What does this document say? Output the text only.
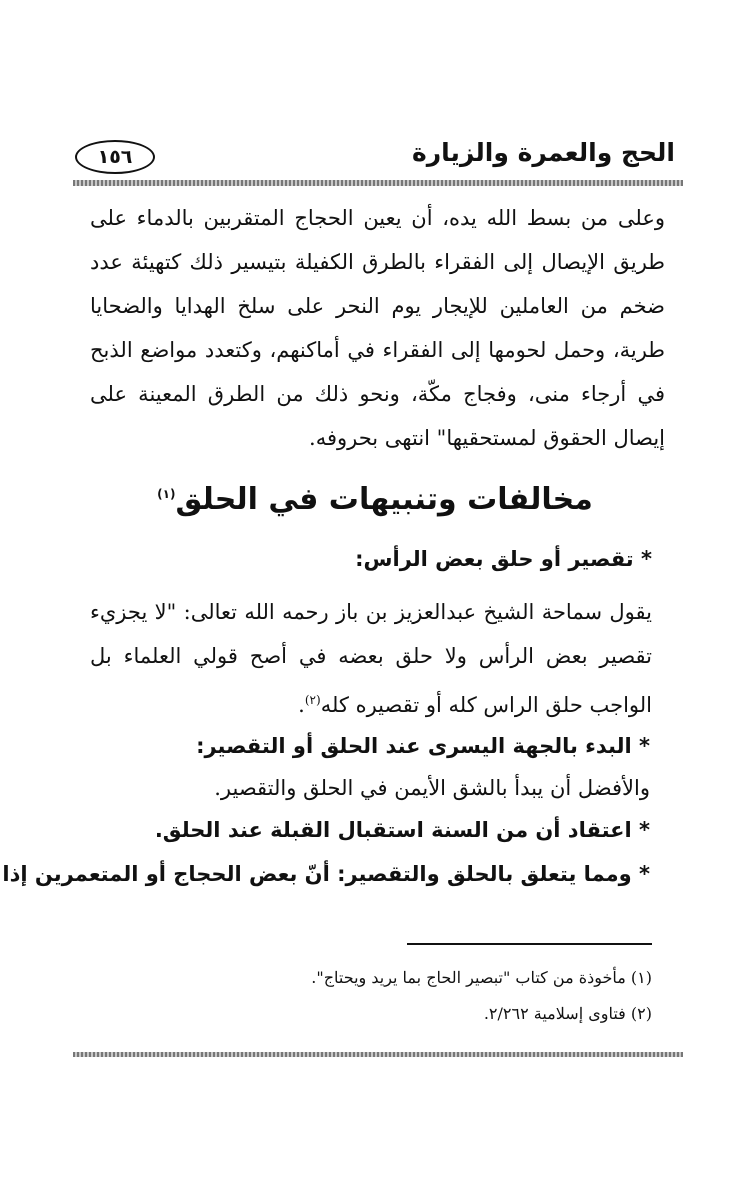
الحج والعمرة والزيارة
١٥٦
وعلى من بسط الله يده، أن يعين الحجاج المتقربين بالدماء على طريق الإيصال إلى الفقراء بالطرق الكفيلة بتيسير ذلك كتهيئة عدد ضخم من العاملين للإيجار يوم النحر على سلخ الهدايا والضحايا طرية، وحمل لحومها إلى الفقراء في أماكنهم، وكتعدد مواضع الذبح في أرجاء منى، وفجاج مكّة، ونحو ذلك من الطرق المعينة على إيصال الحقوق لمستحقيها" انتهى بحروفه.
مخالفات وتنبيهات في الحلق$^{(١)}$
* تقصير أو حلق بعض الرأس:
يقول سماحة الشيخ عبدالعزيز بن باز رحمه الله تعالى: "لا يجزيء تقصير بعض الرأس ولا حلق بعضه في أصح قولي العلماء بل الواجب حلق الراس كله أو تقصيره كله$^{(٢)}$.
* البدء بالجهة اليسرى عند الحلق أو التقصير:
والأفضل أن يبدأ بالشق الأيمن في الحلق والتقصير.
* اعتقاد أن من السنة استقبال القبلة عند الحلق.
* ومما يتعلق بالحلق والتقصير: أنّ بعض الحجاج أو المتعمرين إذا
(١) مأخوذة من كتاب "تبصير الحاج بما يريد ويحتاج".
(٢) فتاوى إسلامية ٢/٢٦٢.
